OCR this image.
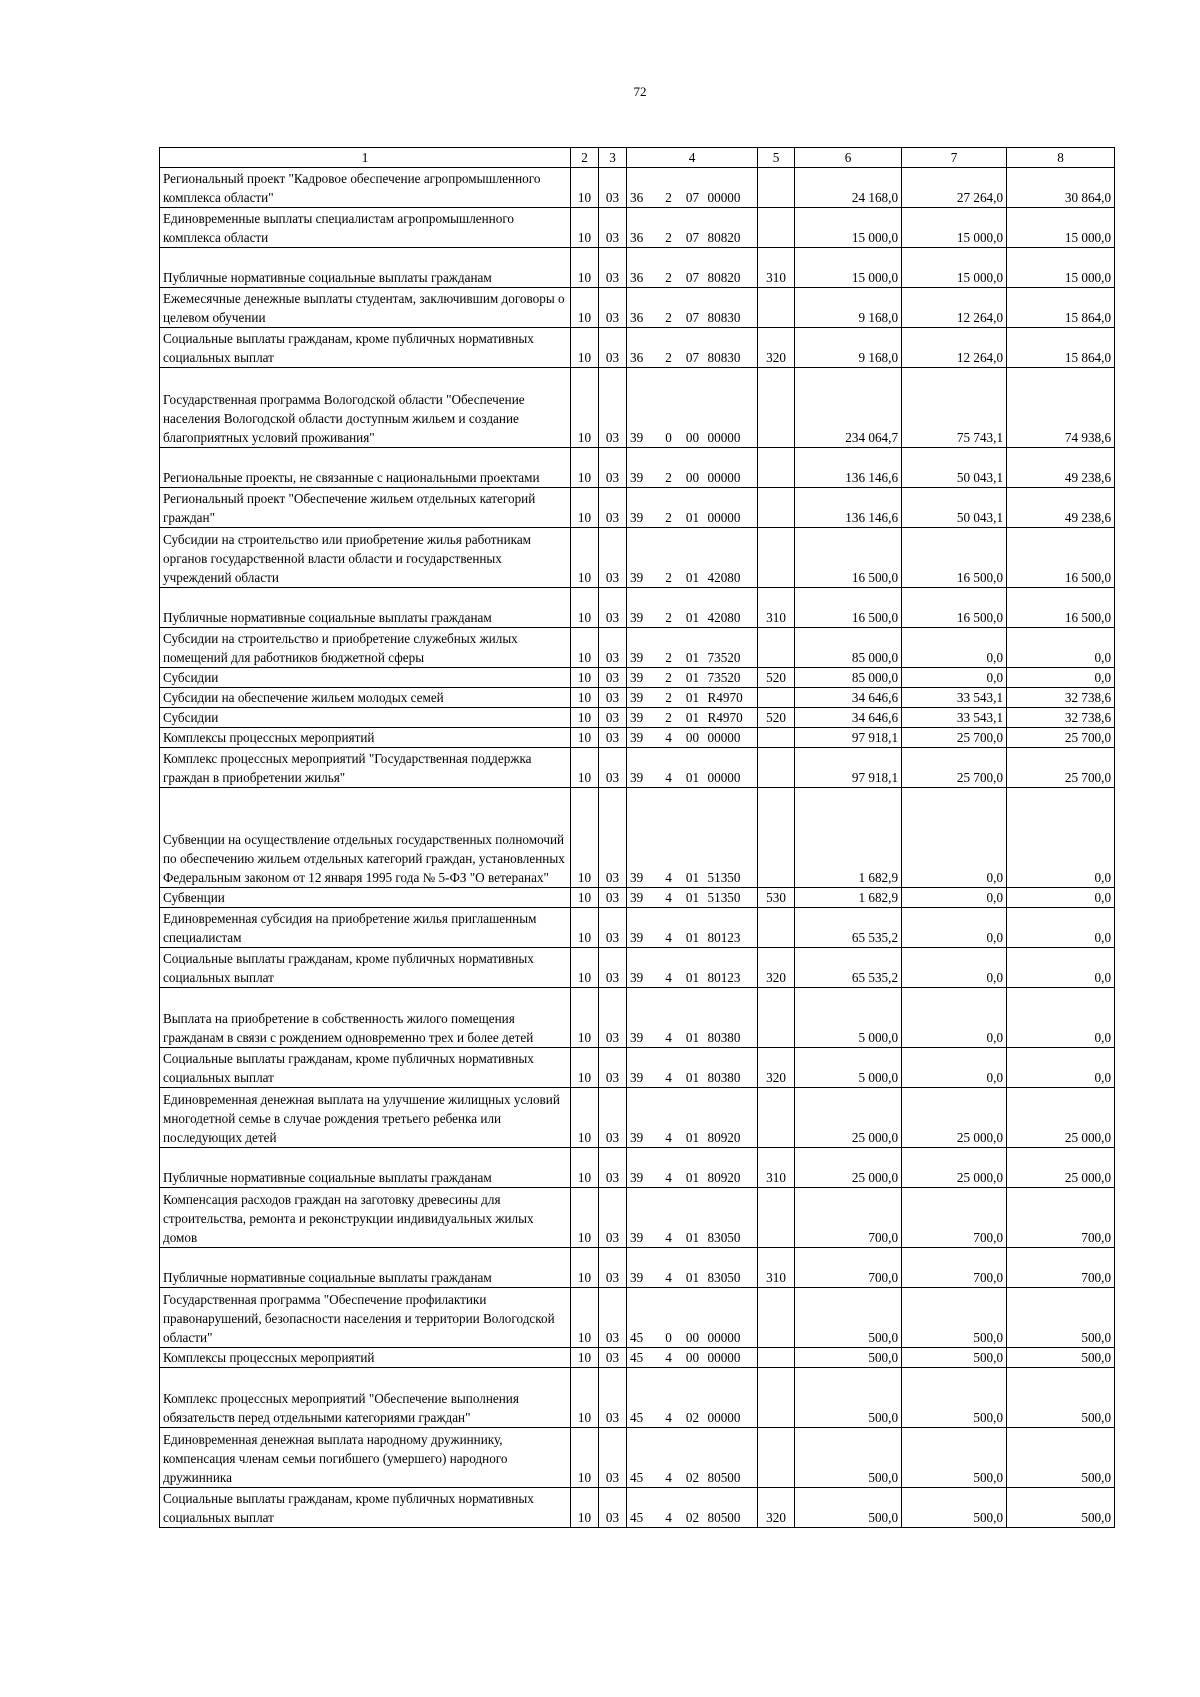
72
1	2	3	4				5	6	7	8
Региональный проект "Кадровое обеспечение агропромышленного комплекса области"	10	03	36	2	07	00000		24 168,0	27 264,0	30 864,0
Единовременные выплаты специалистам агропромышленного комплекса области	10	03	36	2	07	80820		15 000,0	15 000,0	15 000,0
Публичные нормативные социальные выплаты гражданам	10	03	36	2	07	80820	310	15 000,0	15 000,0	15 000,0
Ежемесячные денежные выплаты студентам, заключившим договоры о целевом обучении	10	03	36	2	07	80830		9 168,0	12 264,0	15 864,0
Социальные выплаты гражданам, кроме публичных нормативных социальных выплат	10	03	36	2	07	80830	320	9 168,0	12 264,0	15 864,0
Государственная программа Вологодской области "Обеспечение населения Вологодской области доступным жильем и создание благоприятных условий проживания"	10	03	39	0	00	00000		234 064,7	75 743,1	74 938,6
Региональные проекты, не связанные с национальными проектами	10	03	39	2	00	00000		136 146,6	50 043,1	49 238,6
Региональный проект "Обеспечение жильем отдельных категорий граждан"	10	03	39	2	01	00000		136 146,6	50 043,1	49 238,6
Субсидии на строительство или приобретение жилья работникам органов государственной власти области и государственных учреждений области	10	03	39	2	01	42080		16 500,0	16 500,0	16 500,0
Публичные нормативные социальные выплаты гражданам	10	03	39	2	01	42080	310	16 500,0	16 500,0	16 500,0
Субсидии на строительство и приобретение служебных жилых помещений для работников бюджетной сферы	10	03	39	2	01	73520		85 000,0	0,0	0,0
Субсидии	10	03	39	2	01	73520	520	85 000,0	0,0	0,0
Субсидии на обеспечение жильем молодых семей	10	03	39	2	01	R4970		34 646,6	33 543,1	32 738,6
Субсидии	10	03	39	2	01	R4970	520	34 646,6	33 543,1	32 738,6
Комплексы процессных мероприятий	10	03	39	4	00	00000		97 918,1	25 700,0	25 700,0
Комплекс процессных мероприятий "Государственная поддержка граждан в приобретении жилья"	10	03	39	4	01	00000		97 918,1	25 700,0	25 700,0
Субвенции на осуществление отдельных государственных полномочий по обеспечению жильем отдельных категорий граждан, установленных Федеральным законом от 12 января 1995 года № 5-ФЗ "О ветеранах"	10	03	39	4	01	51350		1 682,9	0,0	0,0
Субвенции	10	03	39	4	01	51350	530	1 682,9	0,0	0,0
Единовременная субсидия на приобретение жилья приглашенным специалистам	10	03	39	4	01	80123		65 535,2	0,0	0,0
Социальные выплаты гражданам, кроме публичных нормативных социальных выплат	10	03	39	4	01	80123	320	65 535,2	0,0	0,0
Выплата на приобретение в собственность жилого помещения гражданам в связи с рождением одновременно трех и более детей	10	03	39	4	01	80380		5 000,0	0,0	0,0
Социальные выплаты гражданам, кроме публичных нормативных социальных выплат	10	03	39	4	01	80380	320	5 000,0	0,0	0,0
Единовременная денежная выплата на улучшение жилищных условий многодетной семье в случае рождения третьего ребенка или последующих детей	10	03	39	4	01	80920		25 000,0	25 000,0	25 000,0
Публичные нормативные социальные выплаты гражданам	10	03	39	4	01	80920	310	25 000,0	25 000,0	25 000,0
Компенсация расходов граждан на заготовку древесины для строительства, ремонта и реконструкции индивидуальных жилых домов	10	03	39	4	01	83050		700,0	700,0	700,0
Публичные нормативные социальные выплаты гражданам	10	03	39	4	01	83050	310	700,0	700,0	700,0
Государственная программа "Обеспечение профилактики правонарушений, безопасности населения и территории Вологодской области"	10	03	45	0	00	00000		500,0	500,0	500,0
Комплексы процессных мероприятий	10	03	45	4	00	00000		500,0	500,0	500,0
Комплекс процессных мероприятий "Обеспечение выполнения обязательств перед отдельными категориями граждан"	10	03	45	4	02	00000		500,0	500,0	500,0
Единовременная денежная выплата народному дружиннику, компенсация членам семьи погибшего (умершего) народного дружинника	10	03	45	4	02	80500		500,0	500,0	500,0
Социальные выплаты гражданам, кроме публичных нормативных социальных выплат	10	03	45	4	02	80500	320	500,0	500,0	500,0
